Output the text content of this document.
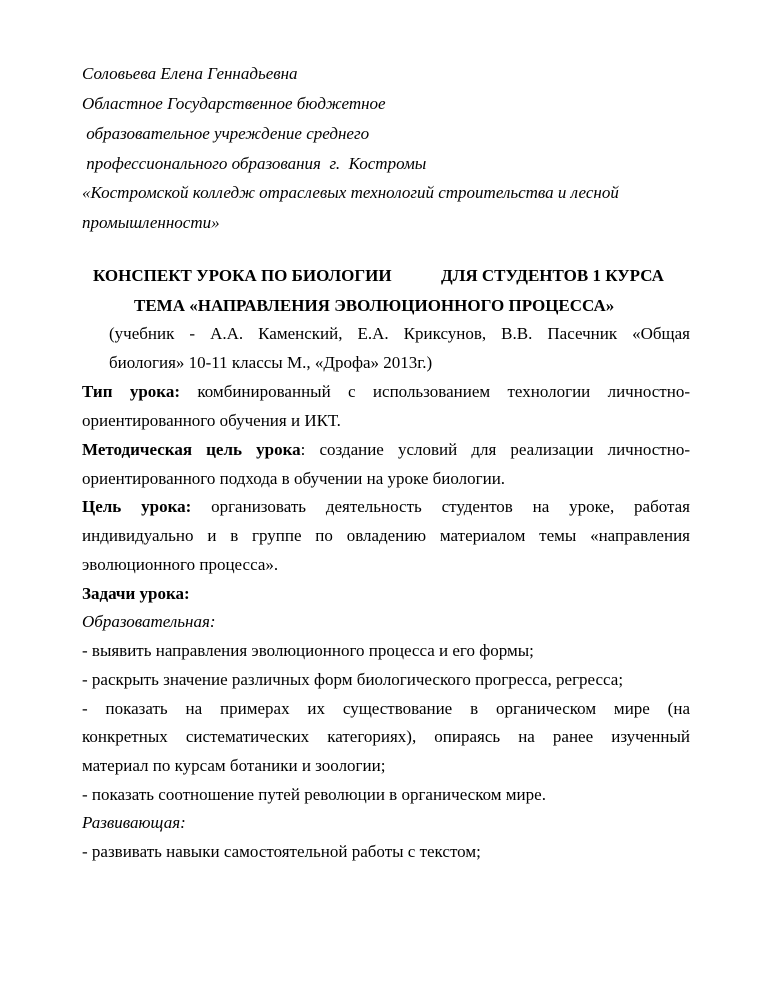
Соловьева Елена Геннадьевна
Областное Государственное бюджетное
образовательное учреждение среднего
профессионального образования  г.  Костромы
«Костромской колледж отраслевых технологий строительства и лесной
промышленности»
КОНСПЕКТ УРОКА ПО БИОЛОГИИ	ДЛЯ СТУДЕНТОВ 1 КУРСА
ТЕМА «НАПРАВЛЕНИЯ ЭВОЛЮЦИОННОГО ПРОЦЕССА»
(учебник - А.А. Каменский, Е.А. Криксунов, В.В. Пасечник «Общая
биология» 10-11 классы М., «Дрофа» 2013г.)
Тип урока: комбинированный с использованием технологии личностно-
ориентированного обучения и ИКТ.
Методическая цель урока: создание условий для реализации личностно-
ориентированного подхода в обучении на уроке биологии.
Цель урока: организовать деятельность студентов на уроке, работая
индивидуально и в группе по овладению материалом темы «направления
эволюционного процесса».
Задачи урока:
Образовательная:
- выявить направления эволюционного процесса и его формы;
- раскрыть значение различных форм биологического прогресса, регресса;
- показать на примерах их существование в органическом мире (на
конкретных систематических категориях), опираясь на ранее изученный
материал по курсам ботаники и зоологии;
- показать соотношение путей революции в органическом мире.
Развивающая:
- развивать навыки самостоятельной работы с текстом;
